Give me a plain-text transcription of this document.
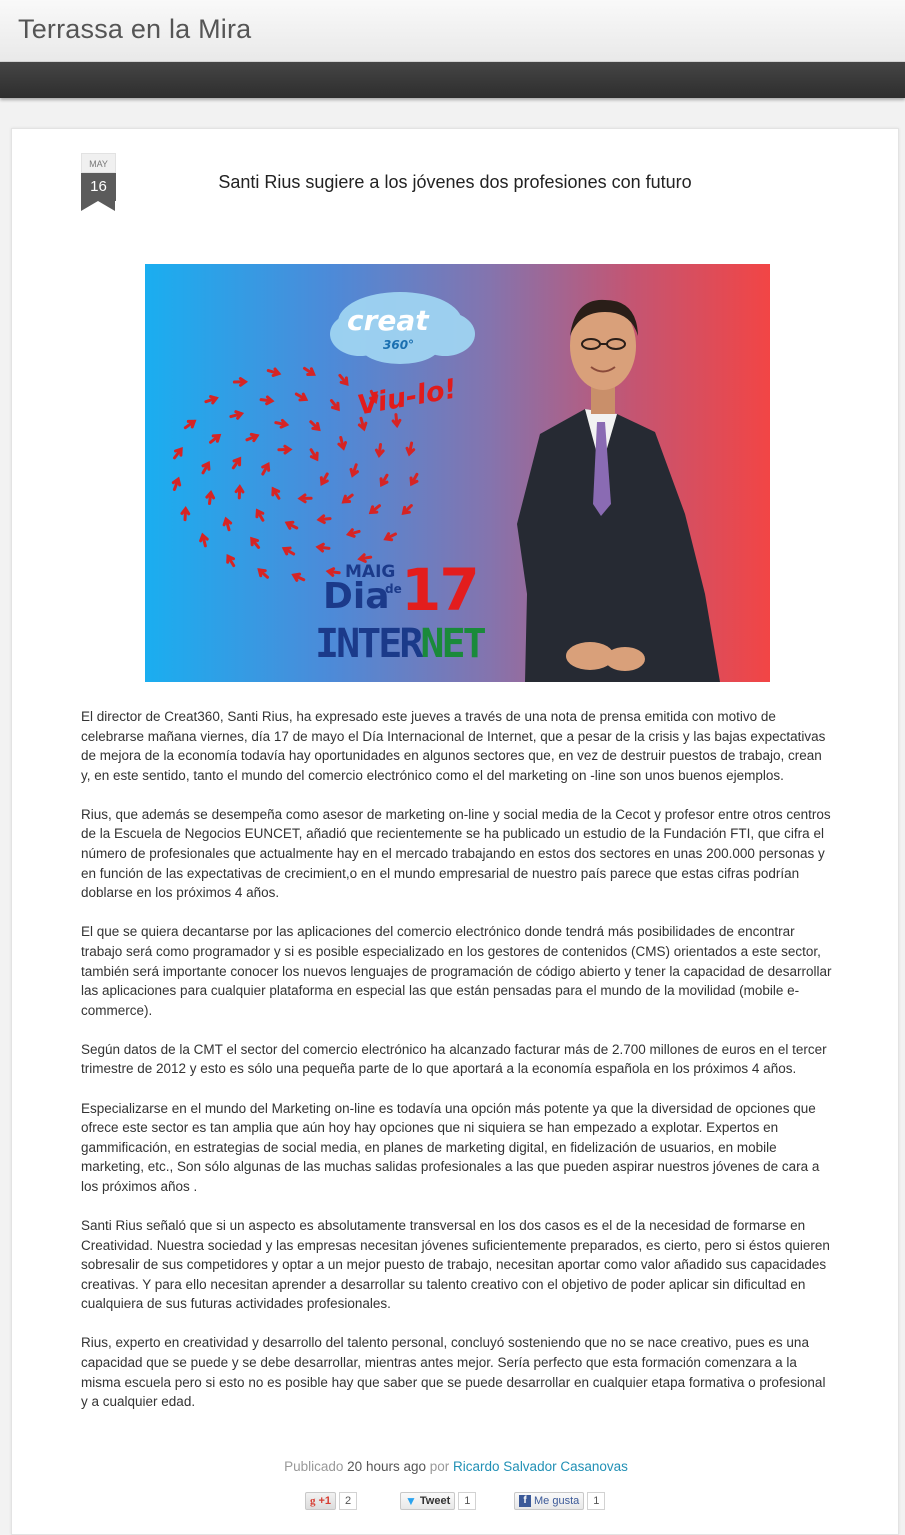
Terrassa en la Mira
MAY
16	Santi Rius sugiere a los jóvenes dos profesiones con futuro
creat
360°
Viu-lo!
MAIG
de
Dia 17
INTERNET

El director de Creat360, Santi Rius, ha expresado este jueves a través de una nota de prensa emitida con motivo de celebrarse mañana viernes, día 17 de mayo el Día Internacional de Internet, que a pesar de la crisis y las bajas expectativas de mejora de la economía todavía hay oportunidades en algunos sectores que, en vez de destruir puestos de trabajo, crean y, en este sentido, tanto el mundo del comercio electrónico como el del marketing on -line son unos buenos ejemplos.

Rius, que además se desempeña como asesor de marketing on-line y social media de la Cecot y profesor entre otros centros de la Escuela de Negocios EUNCET, añadió que recientemente se ha publicado un estudio de la Fundación FTI, que cifra el número de profesionales que actualmente hay en el mercado trabajando en estos dos sectores en unas 200.000 personas y en función de las expectativas de crecimient,o en el mundo empresarial de nuestro país parece que estas cifras podrían doblarse en los próximos 4 años.

El que se quiera decantarse por las aplicaciones del comercio electrónico donde tendrá más posibilidades de encontrar trabajo será como programador y si es posible especializado en los gestores de contenidos (CMS) orientados a este sector, también será importante conocer los nuevos lenguajes de programación de código abierto y tener la capacidad de desarrollar las aplicaciones para cualquier plataforma en especial las que están pensadas para el mundo de la movilidad (mobile e-commerce).

Según datos de la CMT el sector del comercio electrónico ha alcanzado facturar más de 2.700 millones de euros en el tercer trimestre de 2012 y esto es sólo una pequeña parte de lo que aportará a la economía española en los próximos 4 años.

Especializarse en el mundo del Marketing on-line es todavía una opción más potente ya que la diversidad de opciones que ofrece este sector es tan amplia que aún hoy hay opciones que ni siquiera se han empezado a explotar. Expertos en gammificación, en estrategias de social media, en planes de marketing digital, en fidelización de usuarios, en mobile marketing, etc., Son sólo algunas de las muchas salidas profesionales a las que pueden aspirar nuestros jóvenes de cara a los próximos años .

Santi Rius señaló que si un aspecto es absolutamente transversal en los dos casos es el de la necesidad de formarse en Creatividad. Nuestra sociedad y las empresas necesitan jóvenes suficientemente preparados, es cierto, pero si éstos quieren sobresalir de sus competidores y optar a un mejor puesto de trabajo, necesitan aportar como valor añadido sus capacidades creativas. Y para ello necesitan aprender a desarrollar su talento creativo con el objetivo de poder aplicar sin dificultad en cualquiera de sus futuras actividades profesionales.

Rius, experto en creatividad y desarrollo del talento personal, concluyó sosteniendo que no se nace creativo, pues es una capacidad que se puede y se debe desarrollar, mientras antes mejor. Sería perfecto que esta formación comenzara a la misma escuela pero si esto no es posible hay que saber que se puede desarrollar en cualquier etapa formativa o profesional y a cualquier edad.

Publicado 20 hours ago por Ricardo Salvador Casanovas
g +1	2	▼ Tweet	1	f Me gusta	1
